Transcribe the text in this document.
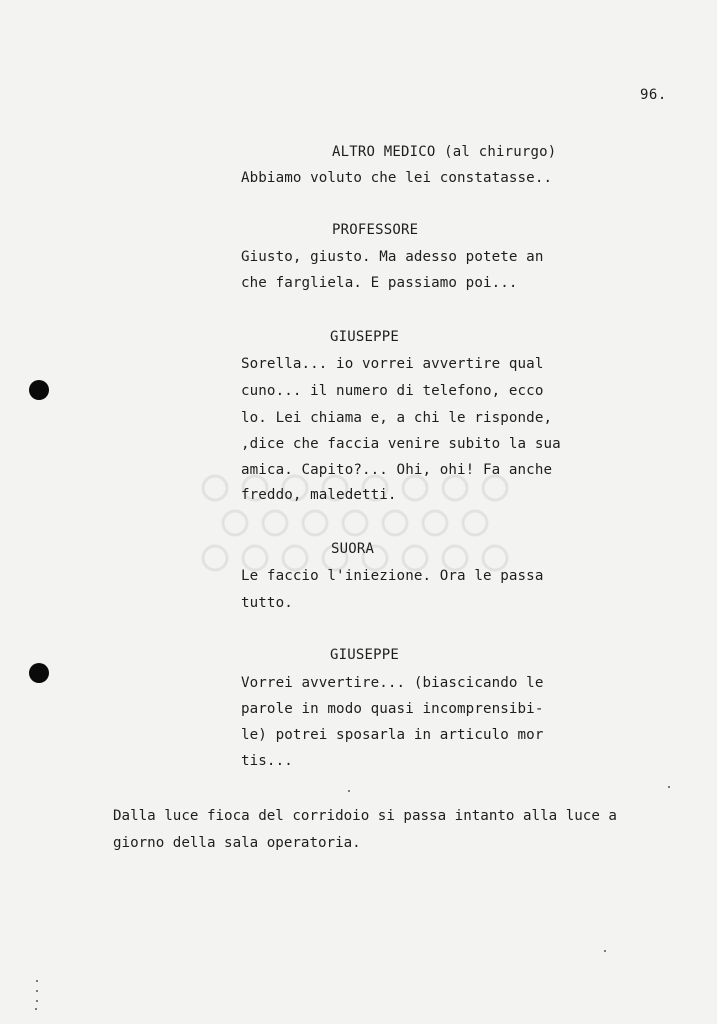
96.
ALTRO MEDICO (al chirurgo)
Abbiamo voluto che lei constatasse..
PROFESSORE
Giusto, giusto. Ma adesso potete an
che fargliela. E passiamo poi...
GIUSEPPE
Sorella... io vorrei avvertire qual
cuno... il numero di telefono, ecco
lo. Lei chiama e, a chi le risponde,
,dice che faccia venire subito la sua
amica. Capito?... Ohi, ohi! Fa anche
freddo, maledetti.
SUORA
Le faccio l'iniezione. Ora le passa
tutto.
GIUSEPPE
Vorrei avvertire... (biascicando le
parole in modo quasi incomprensibi-
le) potrei sposarla in articulo mor
tis...
Dalla luce fioca del corridoio si passa intanto alla luce a
giorno della sala operatoria.
